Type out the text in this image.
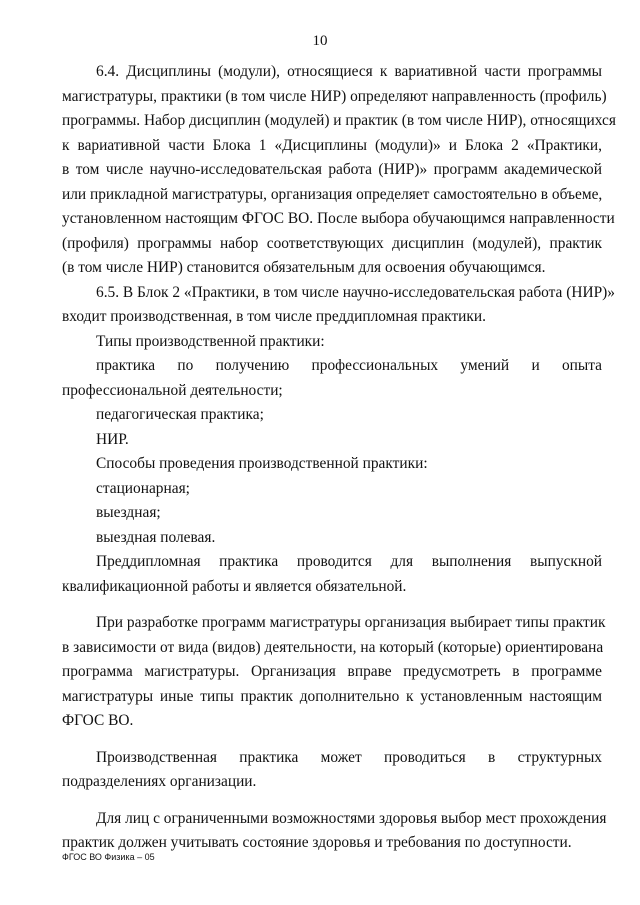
10
6.4. Дисциплины (модули), относящиеся к вариативной части программы
магистратуры, практики (в том числе НИР) определяют направленность (профиль)
программы. Набор дисциплин (модулей) и практик (в том числе НИР), относящихся
к вариативной части Блока 1 «Дисциплины (модули)» и Блока 2 «Практики,
в том числе научно-исследовательская работа (НИР)» программ академической
или прикладной магистратуры, организация определяет самостоятельно в объеме,
установленном настоящим ФГОС ВО. После выбора обучающимся направленности
(профиля) программы набор соответствующих дисциплин (модулей), практик
(в том числе НИР) становится обязательным для освоения обучающимся.
6.5. В Блок 2 «Практики, в том числе научно-исследовательская работа (НИР)»
входит производственная, в том числе преддипломная практики.
Типы производственной практики:
практика по получению профессиональных умений и опыта
профессиональной деятельности;
педагогическая практика;
НИР.
Способы проведения производственной практики:
стационарная;
выездная;
выездная полевая.
Преддипломная практика проводится для выполнения выпускной
квалификационной работы и является обязательной.
При разработке программ магистратуры организация выбирает типы практик
в зависимости от вида (видов) деятельности, на который (которые) ориентирована
программа магистратуры. Организация вправе предусмотреть в программе
магистратуры иные типы практик дополнительно к установленным настоящим
ФГОС ВО.
Производственная практика может проводиться в структурных
подразделениях организации.
Для лиц с ограниченными возможностями здоровья выбор мест прохождения
практик должен учитывать состояние здоровья и требования по доступности.
ФГОС ВО Физика – 05
